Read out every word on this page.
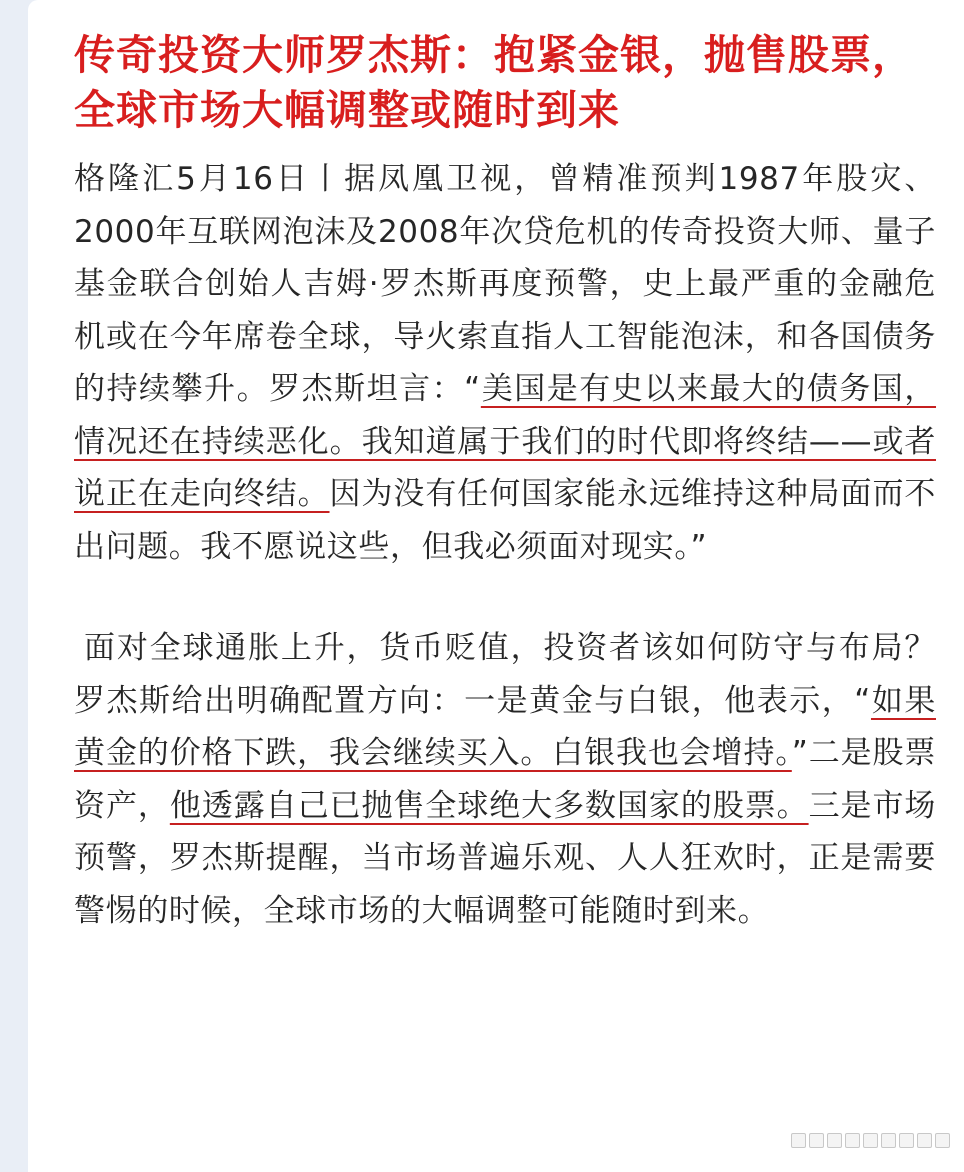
传奇投资大师罗杰斯：抱紧金银，抛售股票，全球市场大幅调整或随时到来

格隆汇5月16日丨据凤凰卫视，曾精准预判1987年股灾、2000年互联网泡沫及2008年次贷危机的传奇投资大师、量子基金联合创始人吉姆·罗杰斯再度预警，史上最严重的金融危机或在今年席卷全球，导火索直指人工智能泡沫，和各国债务的持续攀升。罗杰斯坦言：“美国是有史以来最大的债务国，情况还在持续恶化。我知道属于我们的时代即将终结——或者说正在走向终结。因为没有任何国家能永远维持这种局面而不出问题。我不愿说这些，但我必须面对现实。”

面对全球通胀上升，货币贬值，投资者该如何防守与布局？罗杰斯给出明确配置方向：一是黄金与白银，他表示，“如果黄金的价格下跌，我会继续买入。白银我也会增持。”二是股票资产，他透露自己已抛售全球绝大多数国家的股票。三是市场预警，罗杰斯提醒，当市场普遍乐观、人人狂欢时，正是需要警惕的时候，全球市场的大幅调整可能随时到来。
